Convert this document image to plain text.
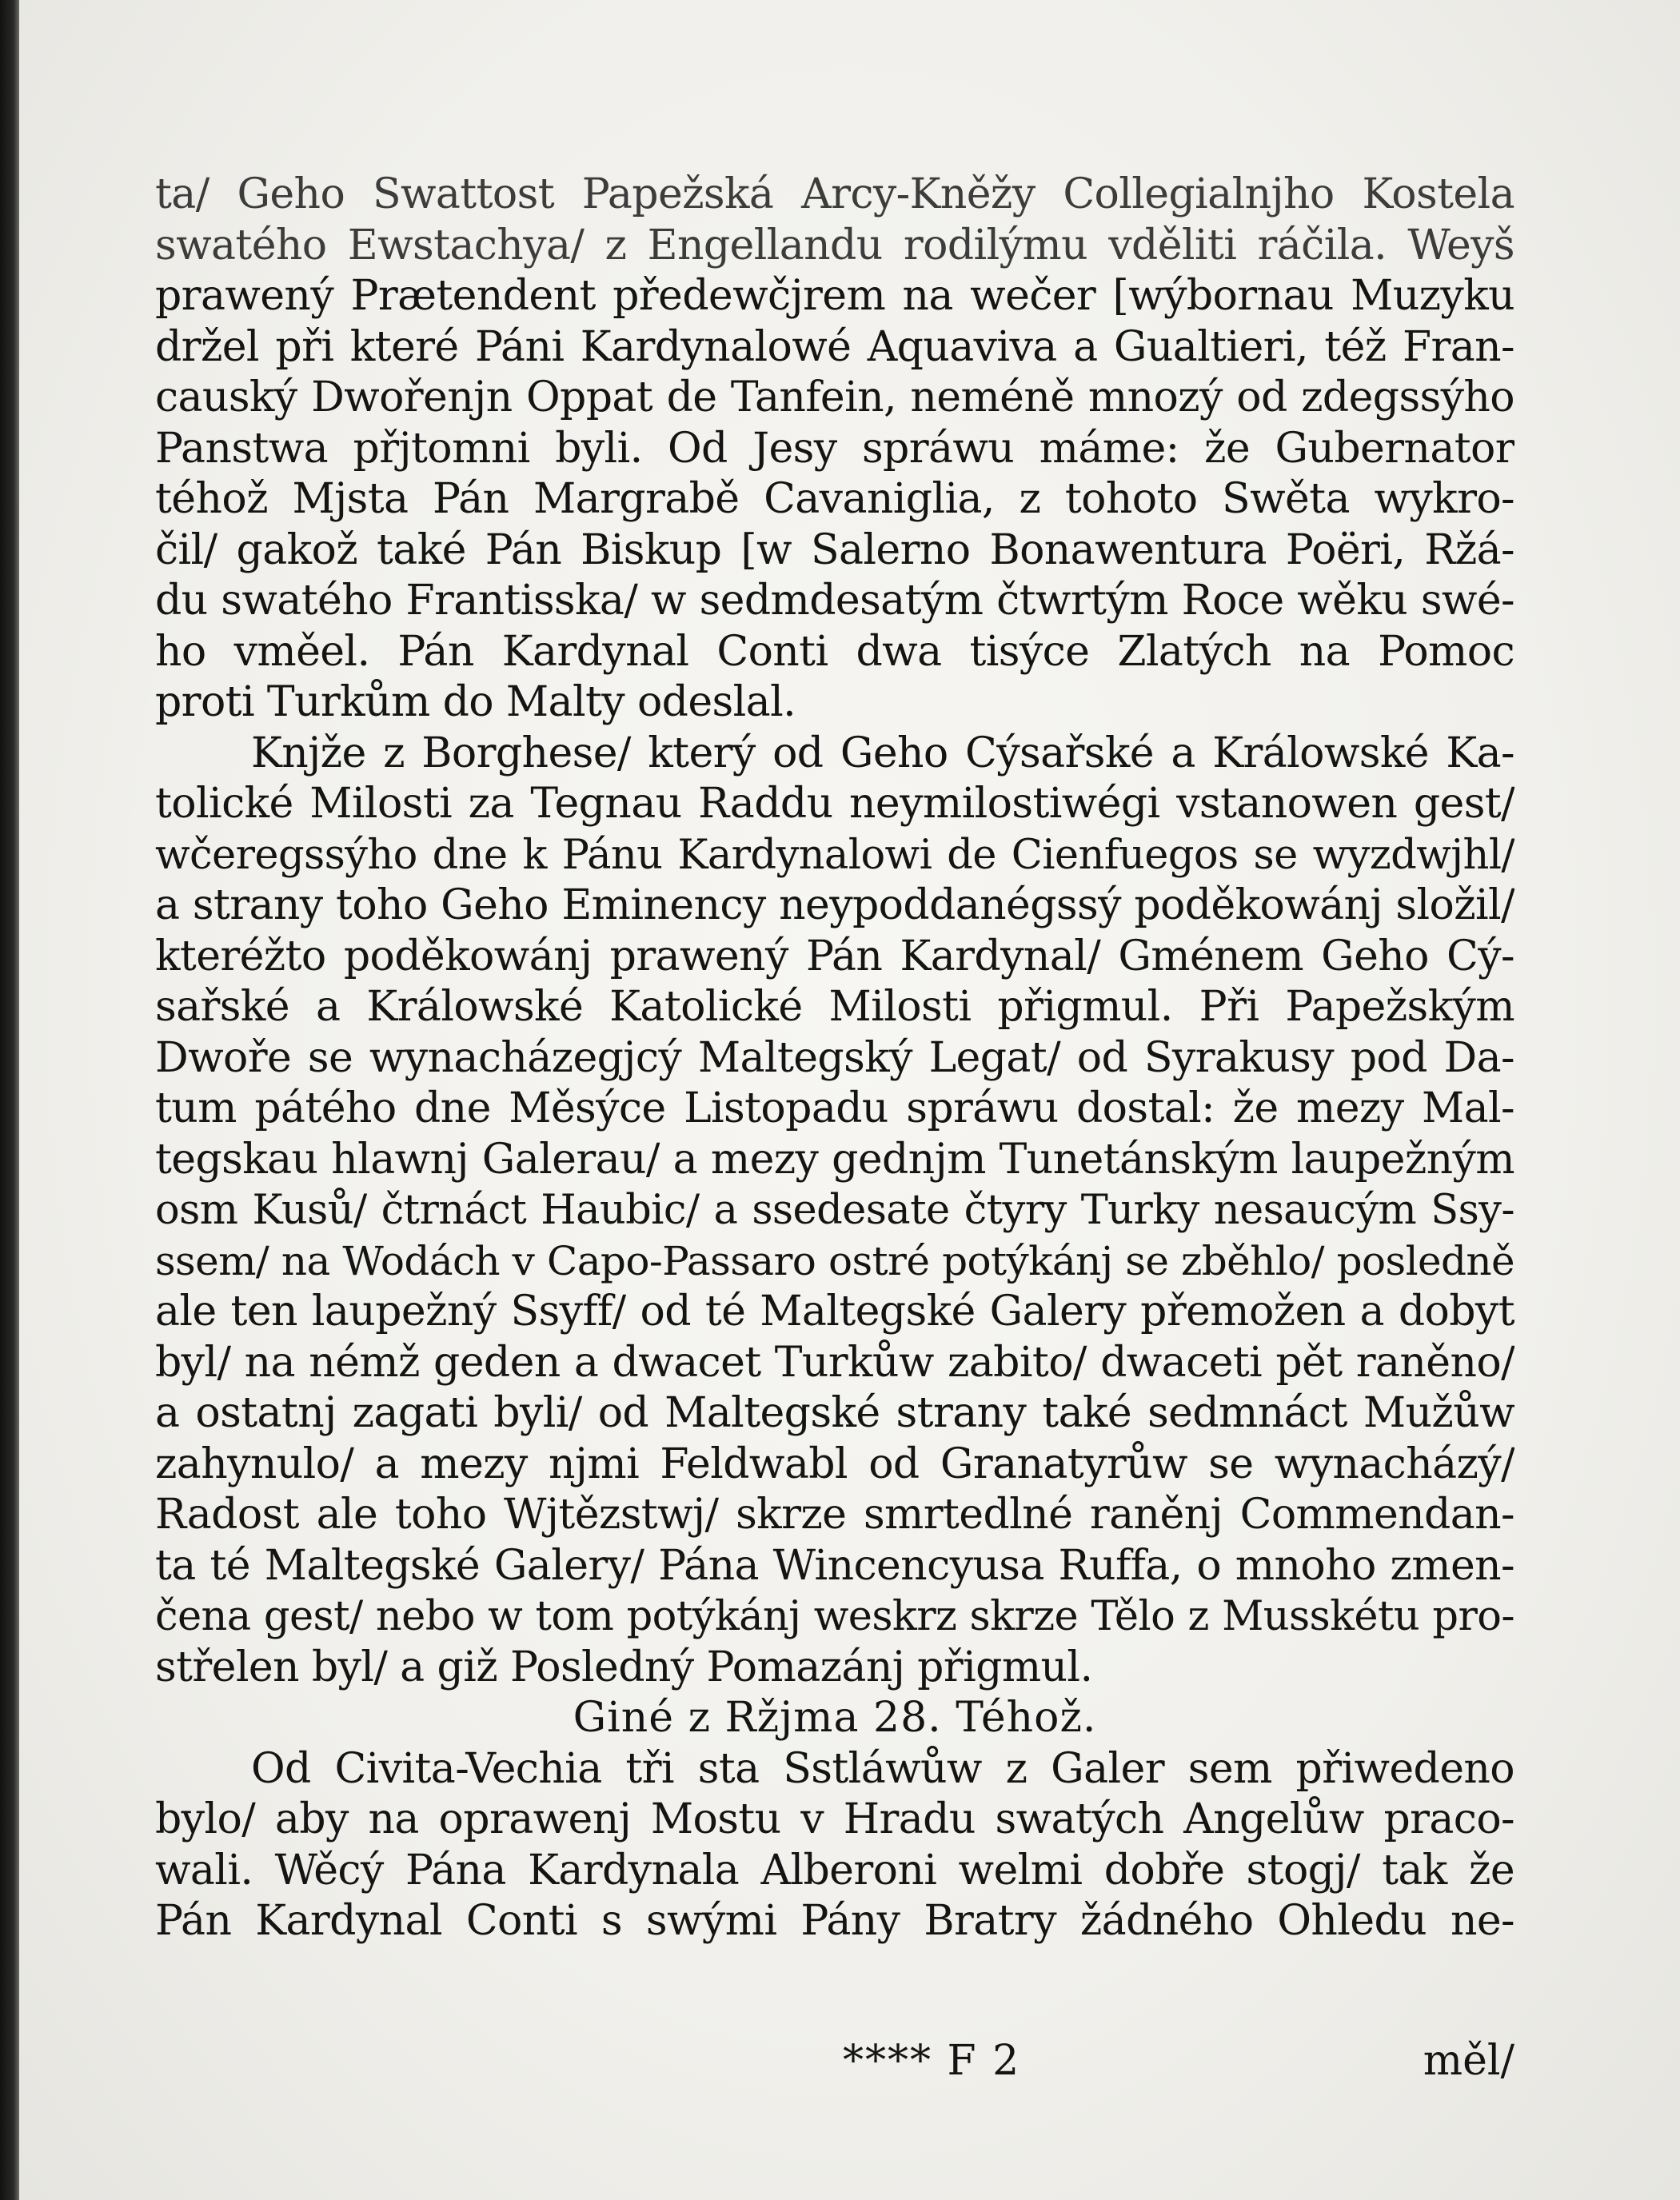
ta/ Geho Swattost Papežská Arcy-Kněžy Collegialnjho Kostela
swatého Ewstachya/ z Engellandu rodilýmu vděliti ráčila. Weyš
prawený Prætendent předewčjrem na wečer [wýbornau Muzyku
držel při které Páni Kardynalowé Aquaviva a Gualtieri, též Fran-
causký Dwořenjn Oppat de Tanfein, neméně mnozý od zdegssýho
Panstwa přjtomni byli. Od Jesy spráwu máme: že Gubernator
téhož Mjsta Pán Margrabě Cavaniglia, z tohoto Swěta wykro-
čil/ gakož také Pán Biskup [w Salerno Bonawentura Poëri, Ržá-
du swatého Frantisska/ w sedmdesatým čtwrtým Roce wěku swé-
ho vměel. Pán Kardynal Conti dwa tisýce Zlatých na Pomoc
proti Turkům do Malty odeslal.
Knjže z Borghese/ který od Geho Cýsařské a Králowské Ka-
tolické Milosti za Tegnau Raddu neymilostiwégi vstanowen gest/
wčeregssýho dne k Pánu Kardynalowi de Cienfuegos se wyzdwjhl/
a strany toho Geho Eminency neypoddanégssý poděkowánj složil/
kteréžto poděkowánj prawený Pán Kardynal/ Gménem Geho Cý-
sařské a Králowské Katolické Milosti přigmul. Při Papežským
Dwoře se wynacházegjcý Maltegský Legat/ od Syrakusy pod Da-
tum pátého dne Měsýce Listopadu spráwu dostal: že mezy Mal-
tegskau hlawnj Galerau/ a mezy gednjm Tunetánským laupežným
osm Kusů/ čtrnáct Haubic/ a ssedesate čtyry Turky nesaucým Ssy-
ssem/ na Wodách v Capo-Passaro ostré potýkánj se zběhlo/ posledně
ale ten laupežný Ssyff/ od té Maltegské Galery přemožen a dobyt
byl/ na némž geden a dwacet Turkůw zabito/ dwaceti pět raněno/
a ostatnj zagati byli/ od Maltegské strany také sedmnáct Mužůw
zahynulo/ a mezy njmi Feldwabl od Granatyrůw se wynacházý/
Radost ale toho Wjtězstwj/ skrze smrtedlné raněnj Commendan-
ta té Maltegské Galery/ Pána Wincencyusa Ruffa, o mnoho zmen-
čena gest/ nebo w tom potýkánj weskrz skrze Tělo z Musskétu pro-
střelen byl/ a giž Posledný Pomazánj přigmul.
Giné z Ržjma 28. Téhož.
Od Civita-Vechia tři sta Sstláwůw z Galer sem přiwedeno
bylo/ aby na oprawenj Mostu v Hradu swatých Angelůw praco-
wali. Wěcý Pána Kardynala Alberoni welmi dobře stogj/ tak že
Pán Kardynal Conti s swými Pány Bratry žádného Ohledu ne-
**** F 2	měl/
